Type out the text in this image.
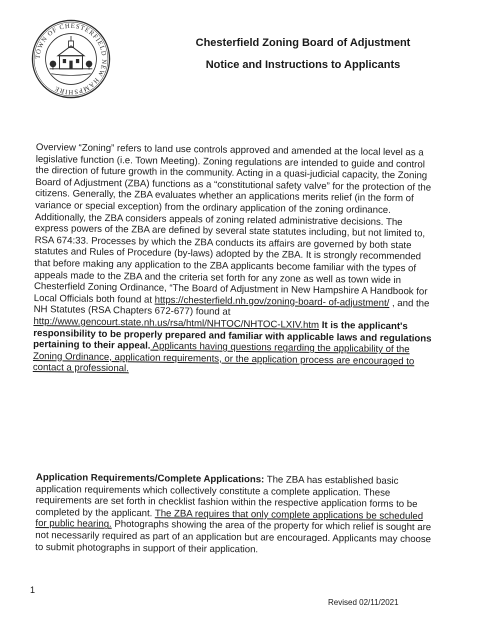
TOWN OF CHESTERFIELD NEW HAMPSHIRE
Chesterfield Zoning Board of Adjustment
Notice and Instructions to Applicants

Overview “Zoning” refers to land use controls approved and amended at the local level as a legislative function (i.e. Town Meeting). Zoning regulations are intended to guide and control the direction of future growth in the community. Acting in a quasi-judicial capacity, the Zoning Board of Adjustment (ZBA) functions as a “constitutional safety valve” for the protection of the citizens. Generally, the ZBA evaluates whether an applications merits relief (in the form of variance or special exception) from the ordinary application of the zoning ordinance. Additionally, the ZBA considers appeals of zoning related administrative decisions. The express powers of the ZBA are defined by several state statutes including, but not limited to, RSA 674:33. Processes by which the ZBA conducts its affairs are governed by both state statutes and Rules of Procedure (by-laws) adopted by the ZBA. It is strongly recommended that before making any application to the ZBA applicants become familiar with the types of appeals made to the ZBA and the criteria set forth for any zone as well as town wide in Chesterfield Zoning Ordinance, “The Board of Adjustment in New Hampshire A Handbook for Local Officials both found at https://chesterfield.nh.gov/zoning-board- of-adjustment/ , and the NH Statutes (RSA Chapters 672-677) found at http://www.gencourt.state.nh.us/rsa/html/NHTOC/NHTOC-LXIV.htm It is the applicant's responsibility to be properly prepared and familiar with applicable laws and regulations pertaining to their appeal. Applicants having questions regarding the applicability of the Zoning Ordinance, application requirements, or the application process are encouraged to contact a professional.

Application Requirements/Complete Applications: The ZBA has established basic application requirements which collectively constitute a complete application. These requirements are set forth in checklist fashion within the respective application forms to be completed by the applicant. The ZBA requires that only complete applications be scheduled for public hearing. Photographs showing the area of the property for which relief is sought are not necessarily required as part of an application but are encouraged. Applicants may choose to submit photographs in support of their application.

1
Revised 02/11/2021
